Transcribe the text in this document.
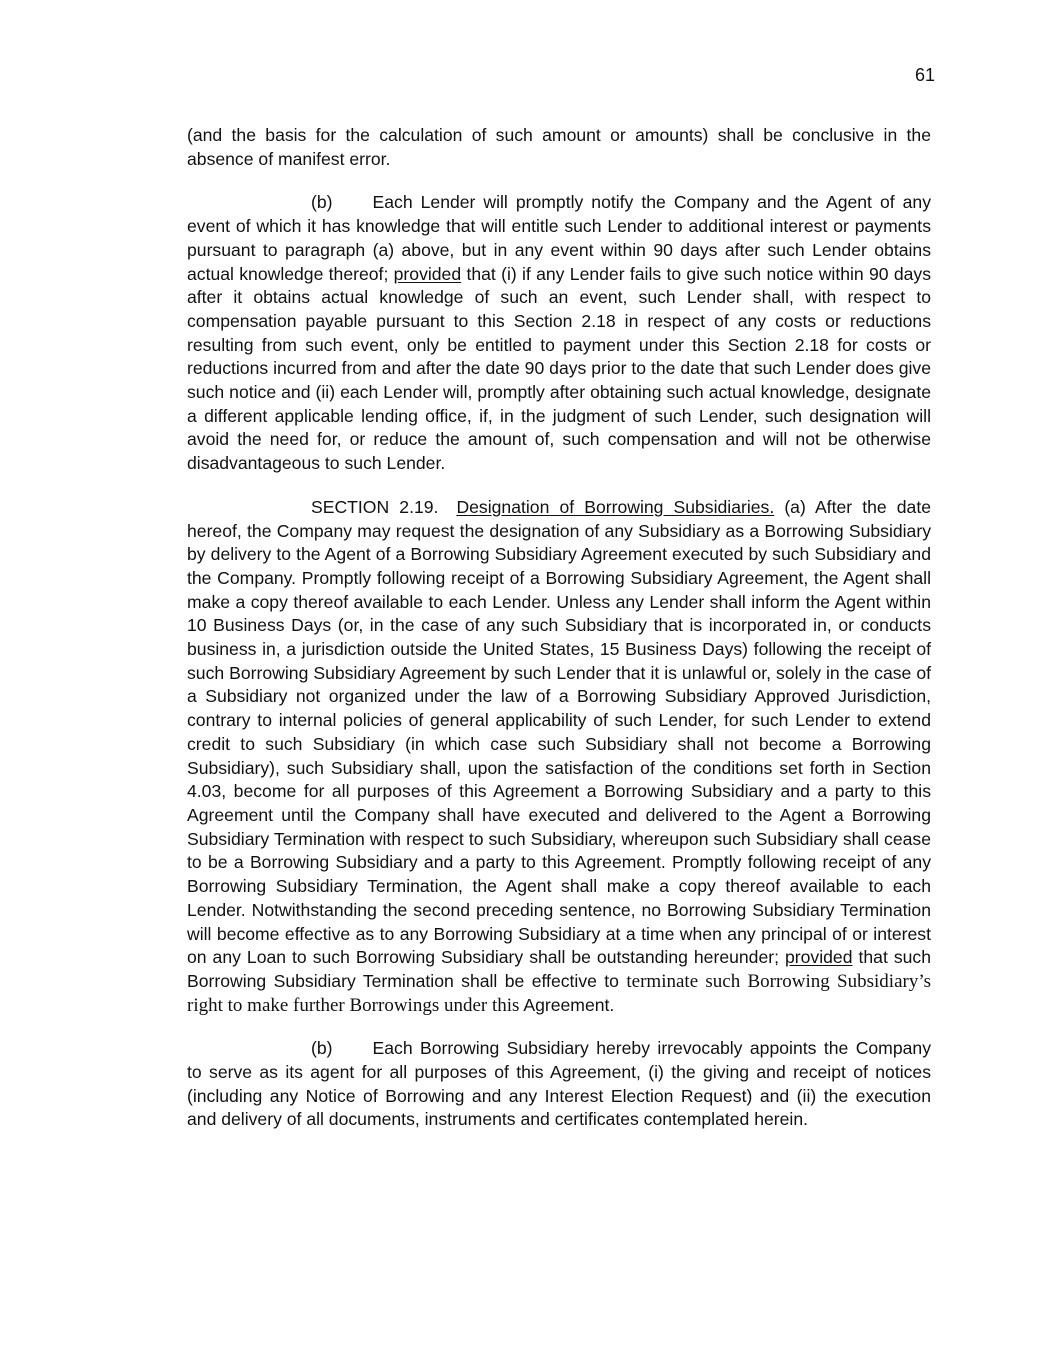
61

(and the basis for the calculation of such amount or amounts) shall be conclusive in the absence of manifest error.

(b) Each Lender will promptly notify the Company and the Agent of any event of which it has knowledge that will entitle such Lender to additional interest or payments pursuant to paragraph (a) above, but in any event within 90 days after such Lender obtains actual knowledge thereof; provided that (i) if any Lender fails to give such notice within 90 days after it obtains actual knowledge of such an event, such Lender shall, with respect to compensation payable pursuant to this Section 2.18 in respect of any costs or reductions resulting from such event, only be entitled to payment under this Section 2.18 for costs or reductions incurred from and after the date 90 days prior to the date that such Lender does give such notice and (ii) each Lender will, promptly after obtaining such actual knowledge, designate a different applicable lending office, if, in the judgment of such Lender, such designation will avoid the need for, or reduce the amount of, such compensation and will not be otherwise disadvantageous to such Lender.

SECTION 2.19. Designation of Borrowing Subsidiaries. (a) After the date hereof, the Company may request the designation of any Subsidiary as a Borrowing Subsidiary by delivery to the Agent of a Borrowing Subsidiary Agreement executed by such Subsidiary and the Company. Promptly following receipt of a Borrowing Subsidiary Agreement, the Agent shall make a copy thereof available to each Lender. Unless any Lender shall inform the Agent within 10 Business Days (or, in the case of any such Subsidiary that is incorporated in, or conducts business in, a jurisdiction outside the United States, 15 Business Days) following the receipt of such Borrowing Subsidiary Agreement by such Lender that it is unlawful or, solely in the case of a Subsidiary not organized under the law of a Borrowing Subsidiary Approved Jurisdiction, contrary to internal policies of general applicability of such Lender, for such Lender to extend credit to such Subsidiary (in which case such Subsidiary shall not become a Borrowing Subsidiary), such Subsidiary shall, upon the satisfaction of the conditions set forth in Section 4.03, become for all purposes of this Agreement a Borrowing Subsidiary and a party to this Agreement until the Company shall have executed and delivered to the Agent a Borrowing Subsidiary Termination with respect to such Subsidiary, whereupon such Subsidiary shall cease to be a Borrowing Subsidiary and a party to this Agreement. Promptly following receipt of any Borrowing Subsidiary Termination, the Agent shall make a copy thereof available to each Lender. Notwithstanding the second preceding sentence, no Borrowing Subsidiary Termination will become effective as to any Borrowing Subsidiary at a time when any principal of or interest on any Loan to such Borrowing Subsidiary shall be outstanding hereunder; provided that such Borrowing Subsidiary Termination shall be effective to terminate such Borrowing Subsidiary’s right to make further Borrowings under this Agreement.

(b) Each Borrowing Subsidiary hereby irrevocably appoints the Company to serve as its agent for all purposes of this Agreement, (i) the giving and receipt of notices (including any Notice of Borrowing and any Interest Election Request) and (ii) the execution and delivery of all documents, instruments and certificates contemplated herein.
